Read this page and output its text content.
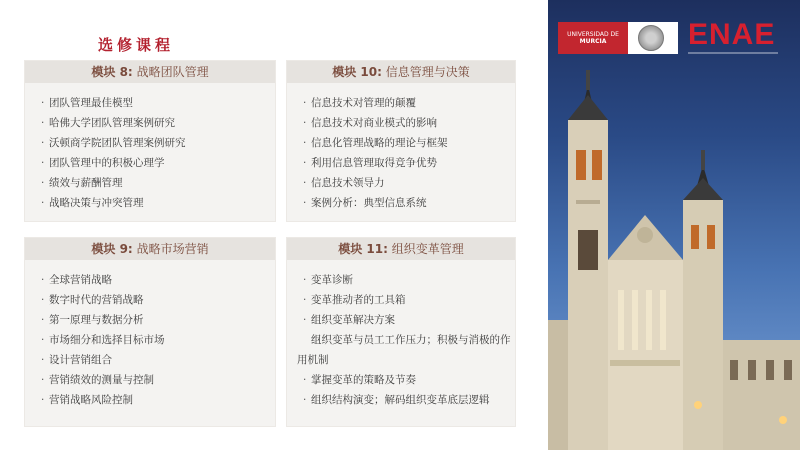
选修课程
模块 8: 战略团队管理
· 团队管理最佳模型
· 哈佛大学团队管理案例研究
· 沃顿商学院团队管理案例研究
· 团队管理中的积极心理学
· 绩效与薪酬管理
· 战略决策与冲突管理
模块 10: 信息管理与决策
· 信息技术对管理的颠覆
· 信息技术对商业模式的影响
· 信息化管理战略的理论与框架
· 利用信息管理取得竞争优势
· 信息技术领导力
· 案例分析：典型信息系统
模块 9: 战略市场营销
· 全球营销战略
· 数字时代的营销战略
· 第一原理与数据分析
· 市场细分和选择目标市场
· 设计营销组合
· 营销绩效的测量与控制
· 营销战略风险控制
模块 11: 组织变革管理
· 变革诊断
· 变革推动者的工具箱
· 组织变革解决方案
· 组织变革与员工工作压力；积极与消极的作用机制
· 掌握变革的策略及节奏
· 组织结构演变；解码组织变革底层逻辑
UNIVERSIDAD DE
MURCIA	ENAE
